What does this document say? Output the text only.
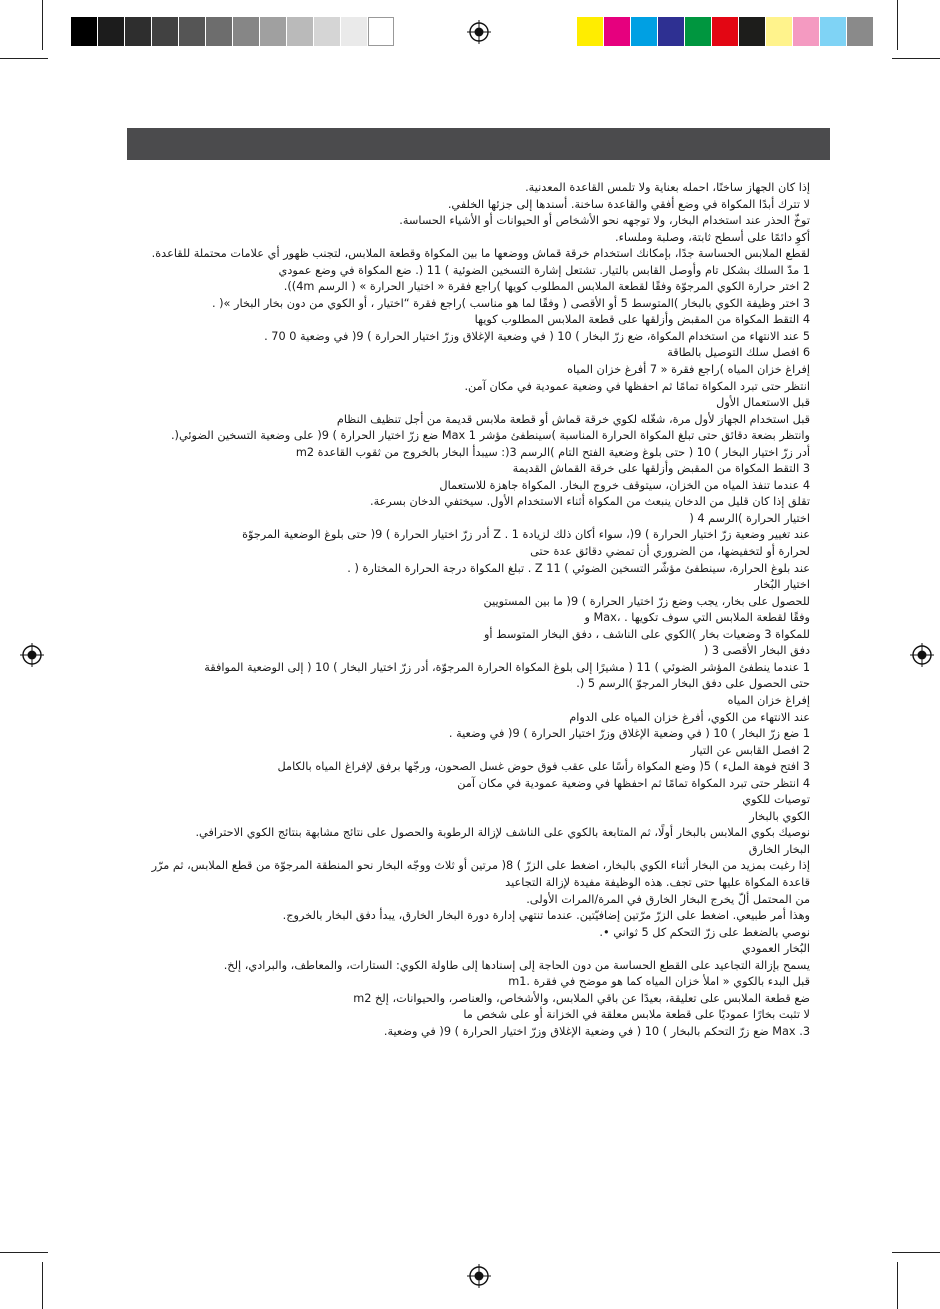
إذا كان الجهاز ساخنًا، احمله بعناية ولا تلمس القاعدة المعدنية.

لا تترك أبدًا المكواة في وضع أفقي والقاعدة ساخنة. أسندها إلى جزئها الخلفي.

توخّ الحذر عند استخدام البخار، ولا توجهه نحو الأشخاص أو الحيوانات أو الأشياء الحساسة.

أكوِ دائمًا على أسطح ثابتة، وصلبة وملساء.

لقطع الملابس الحساسة جدًا، بإمكانك استخدام خرقة قماش ووضعها ما بين المكواة وقطعة الملابس، لتجنب ظهور أي علامات محتملة للقاعدة.

1 مدّ السلك بشكل تام وأوصل القابس بالتيار. تشتعل إشارة التسخين الضوئية ) 11 (. ضع المكواة في وضع عمودي

2 اختر حرارة الكوي المرجوّة وفقًا لقطعة الملابس المطلوب كويها )راجع فقرة « اختيار الحرارة » ( الرسم 4m)).

3 اختر وظيفة الكوي بالبخار )المتوسط 5 أو الأقصى ( وفقًا لما هو مناسب )راجع فقرة “اختيار ، أو الكوي من دون بخار البخار »( .

4 التقط المكواة من المقبض وأزلقها على قطعة الملابس المطلوب كويها

5 عند الانتهاء من استخدام المكواة، ضع زرّ البخار ) 10 ( في وضعية الإغلاق وزرّ اختيار الحرارة ) 9( في وضعية 0 70 .

6 افصل سلك التوصيل بالطاقة

إفراغ خزان المياه )راجع فقرة « 7 أفرغ خزان المياه

انتظر حتى تبرد المكواة تمامًا ثم احفظها في وضعية عمودية في مكان آمن.

قبل الاستعمال الأول

قبل استخدام الجهاز لأول مرة، شغّله لكوي خرقة قماش أو قطعة ملابس قديمة من أجل تنظيف النظام

وانتظر بضعة دقائق حتى تبلغ المكواة الحرارة المناسبة )سينطفئ مؤشر Max 1 ضع زرّ اختيار الحرارة ) 9( على وضعية التسخين الضوئي(.

أدر زرّ اختيار البخار ) 10 ( حتى بلوغ وضعية الفتح التام )الرسم 3(: سيبدأ البخار بالخروج من ثقوب القاعدة m2

3 التقط المكواة من المقبض وأزلقها على خرقة القماش القديمة

4 عندما تنفذ المياه من الخزان، سيتوقف خروج البخار. المكواة جاهزة للاستعمال

تقلق إذا كان قليل من الدخان ينبعث من المكواة أثناء الاستخدام الأول. سيختفي الدخان بسرعة.

اختيار الحرارة )الرسم 4 (

عند تغيير وضعية زرّ اختيار الحرارة ) 9(، سواء أكان ذلك لزيادة Z . 1 أدر زرّ اختيار الحرارة ) 9( حتى بلوغ الوضعية المرجوّة

لحرارة أو لتخفيضها، من الضروري أن تمضي دقائق عدة حتى

عند بلوغ الحرارة، سينطفئ مؤشّر التسخين الضوئي ) 11 Z . تبلغ المكواة درجة الحرارة المختارة ( .

اختيار البُخار

للحصول على بخار، يجب وضع زرّ اختيار الحرارة ) 9( ما بين المستويين

وفقًا لقطعة الملابس التي سوف تكويها . ،Max و

للمكواة 3 وضعيات بخار )الكوي على الناشف ، دفق البخار المتوسط أو

دفق البخار الأقصى 3 (

1 عندما ينطفئ المؤشر الضوئي ) 11 ( مشيرًا إلى بلوغ المكواة الحرارة المرجوّة، أدر زرّ اختيار البخار ) 10 ( إلى الوضعية الموافقة

حتى الحصول على دفق البخار المرجوّ )الرسم 5 (.

إفراغ خزان المياه

عند الانتهاء من الكوي، أفرغ خزان المياه على الدوام

1 ضع زرّ البخار ) 10 ( في وضعية الإغلاق وزرّ اختيار الحرارة ) 9( في وضعية .

2 افصل القابس عن التيار

3 افتح فوهة الملء ) 5( وضع المكواة رأسًا على عقب فوق حوض غسل الصحون، ورجّها برفق لإفراغ المياه بالكامل

4 انتظر حتى تبرد المكواة تمامًا ثم احفظها في وضعية عمودية في مكان آمن

توصيات للكوي

الكوي بالبخار

نوصيك بكوي الملابس بالبخار أولًا، ثم المتابعة بالكوي على الناشف لإزالة الرطوبة والحصول على نتائج مشابهة بنتائج الكوي الاحترافي.

البخار الخارق

إذا رغبت بمزيد من البخار أثناء الكوي بالبخار، اضغط على الزرّ ) 8( مرتين أو ثلاث ووجّه البخار نحو المنطقة المرجوّة من قطع الملابس، ثم مرّر قاعدة المكواة عليها حتى تجف. هذه الوظيفة مفيدة لإزالة التجاعيد

من المحتمل ألّ يخرج البخار الخارق في المرة/المرات الأولى.

وهذا أمر طبيعي. اضغط على الزرّ مرّتين إضافيّتين. عندما تنتهي إدارة دورة البخار الخارق، يبدأ دفق البخار بالخروج.

نوصي بالضغط على زرّ التحكم كل 5 ثواني •.

البُخار العمودي

يسمح بإزالة التجاعيد على القطع الحساسة من دون الحاجة إلى إسنادها إلى طاولة الكوي: الستارات، والمعاطف، والبرادي، إلخ.

قبل البدء بالكوي « املأ خزان المياه كما هو موضح في فقرة .m1

ضع قطعة الملابس على تعليقة، بعيدًا عن باقي الملابس، والأشخاص، والعناصر، والحيوانات، إلخ m2

لا تثبت بخارًا عموديًا على قطعة ملابس معلقة في الخزانة أو على شخص ما

3. Max ضع زرّ التحكم بالبخار ) 10 ( في وضعية الإغلاق وزرّ اختيار الحرارة ) 9( في وضعية.
